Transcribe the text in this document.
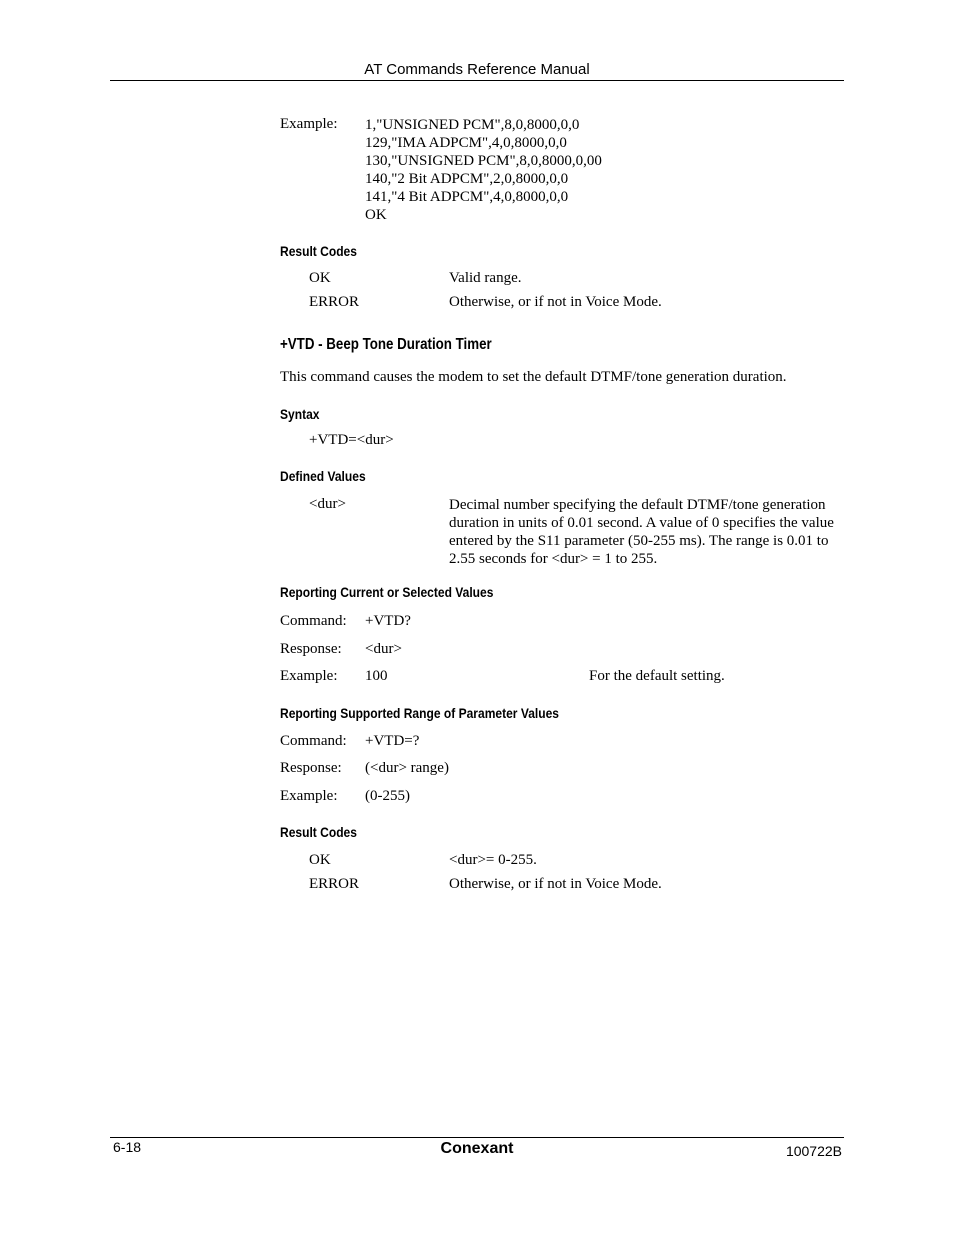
AT Commands Reference Manual
Example: 1,"UNSIGNED PCM",8,0,8000,0,0
129,"IMA ADPCM",4,0,8000,0,0
130,"UNSIGNED PCM",8,0,8000,0,00
140,"2 Bit ADPCM",2,0,8000,0,0
141,"4 Bit ADPCM",4,0,8000,0,0
OK
Result Codes
OK	Valid range.
ERROR	Otherwise, or if not in Voice Mode.
+VTD - Beep Tone Duration Timer
This command causes the modem to set the default DTMF/tone generation duration.
Syntax
+VTD=<dur>
Defined Values
<dur>	Decimal number specifying the default DTMF/tone generation duration in units of 0.01 second. A value of 0 specifies the value entered by the S11 parameter (50-255 ms). The range is 0.01 to 2.55 seconds for <dur> = 1 to 255.
Reporting Current or Selected Values
Command: +VTD?
Response: <dur>
Example: 100	For the default setting.
Reporting Supported Range of Parameter Values
Command: +VTD=?
Response: (<dur> range)
Example: (0-255)
Result Codes
OK	<dur>= 0-255.
ERROR	Otherwise, or if not in Voice Mode.
6-18	Conexant	100722B
